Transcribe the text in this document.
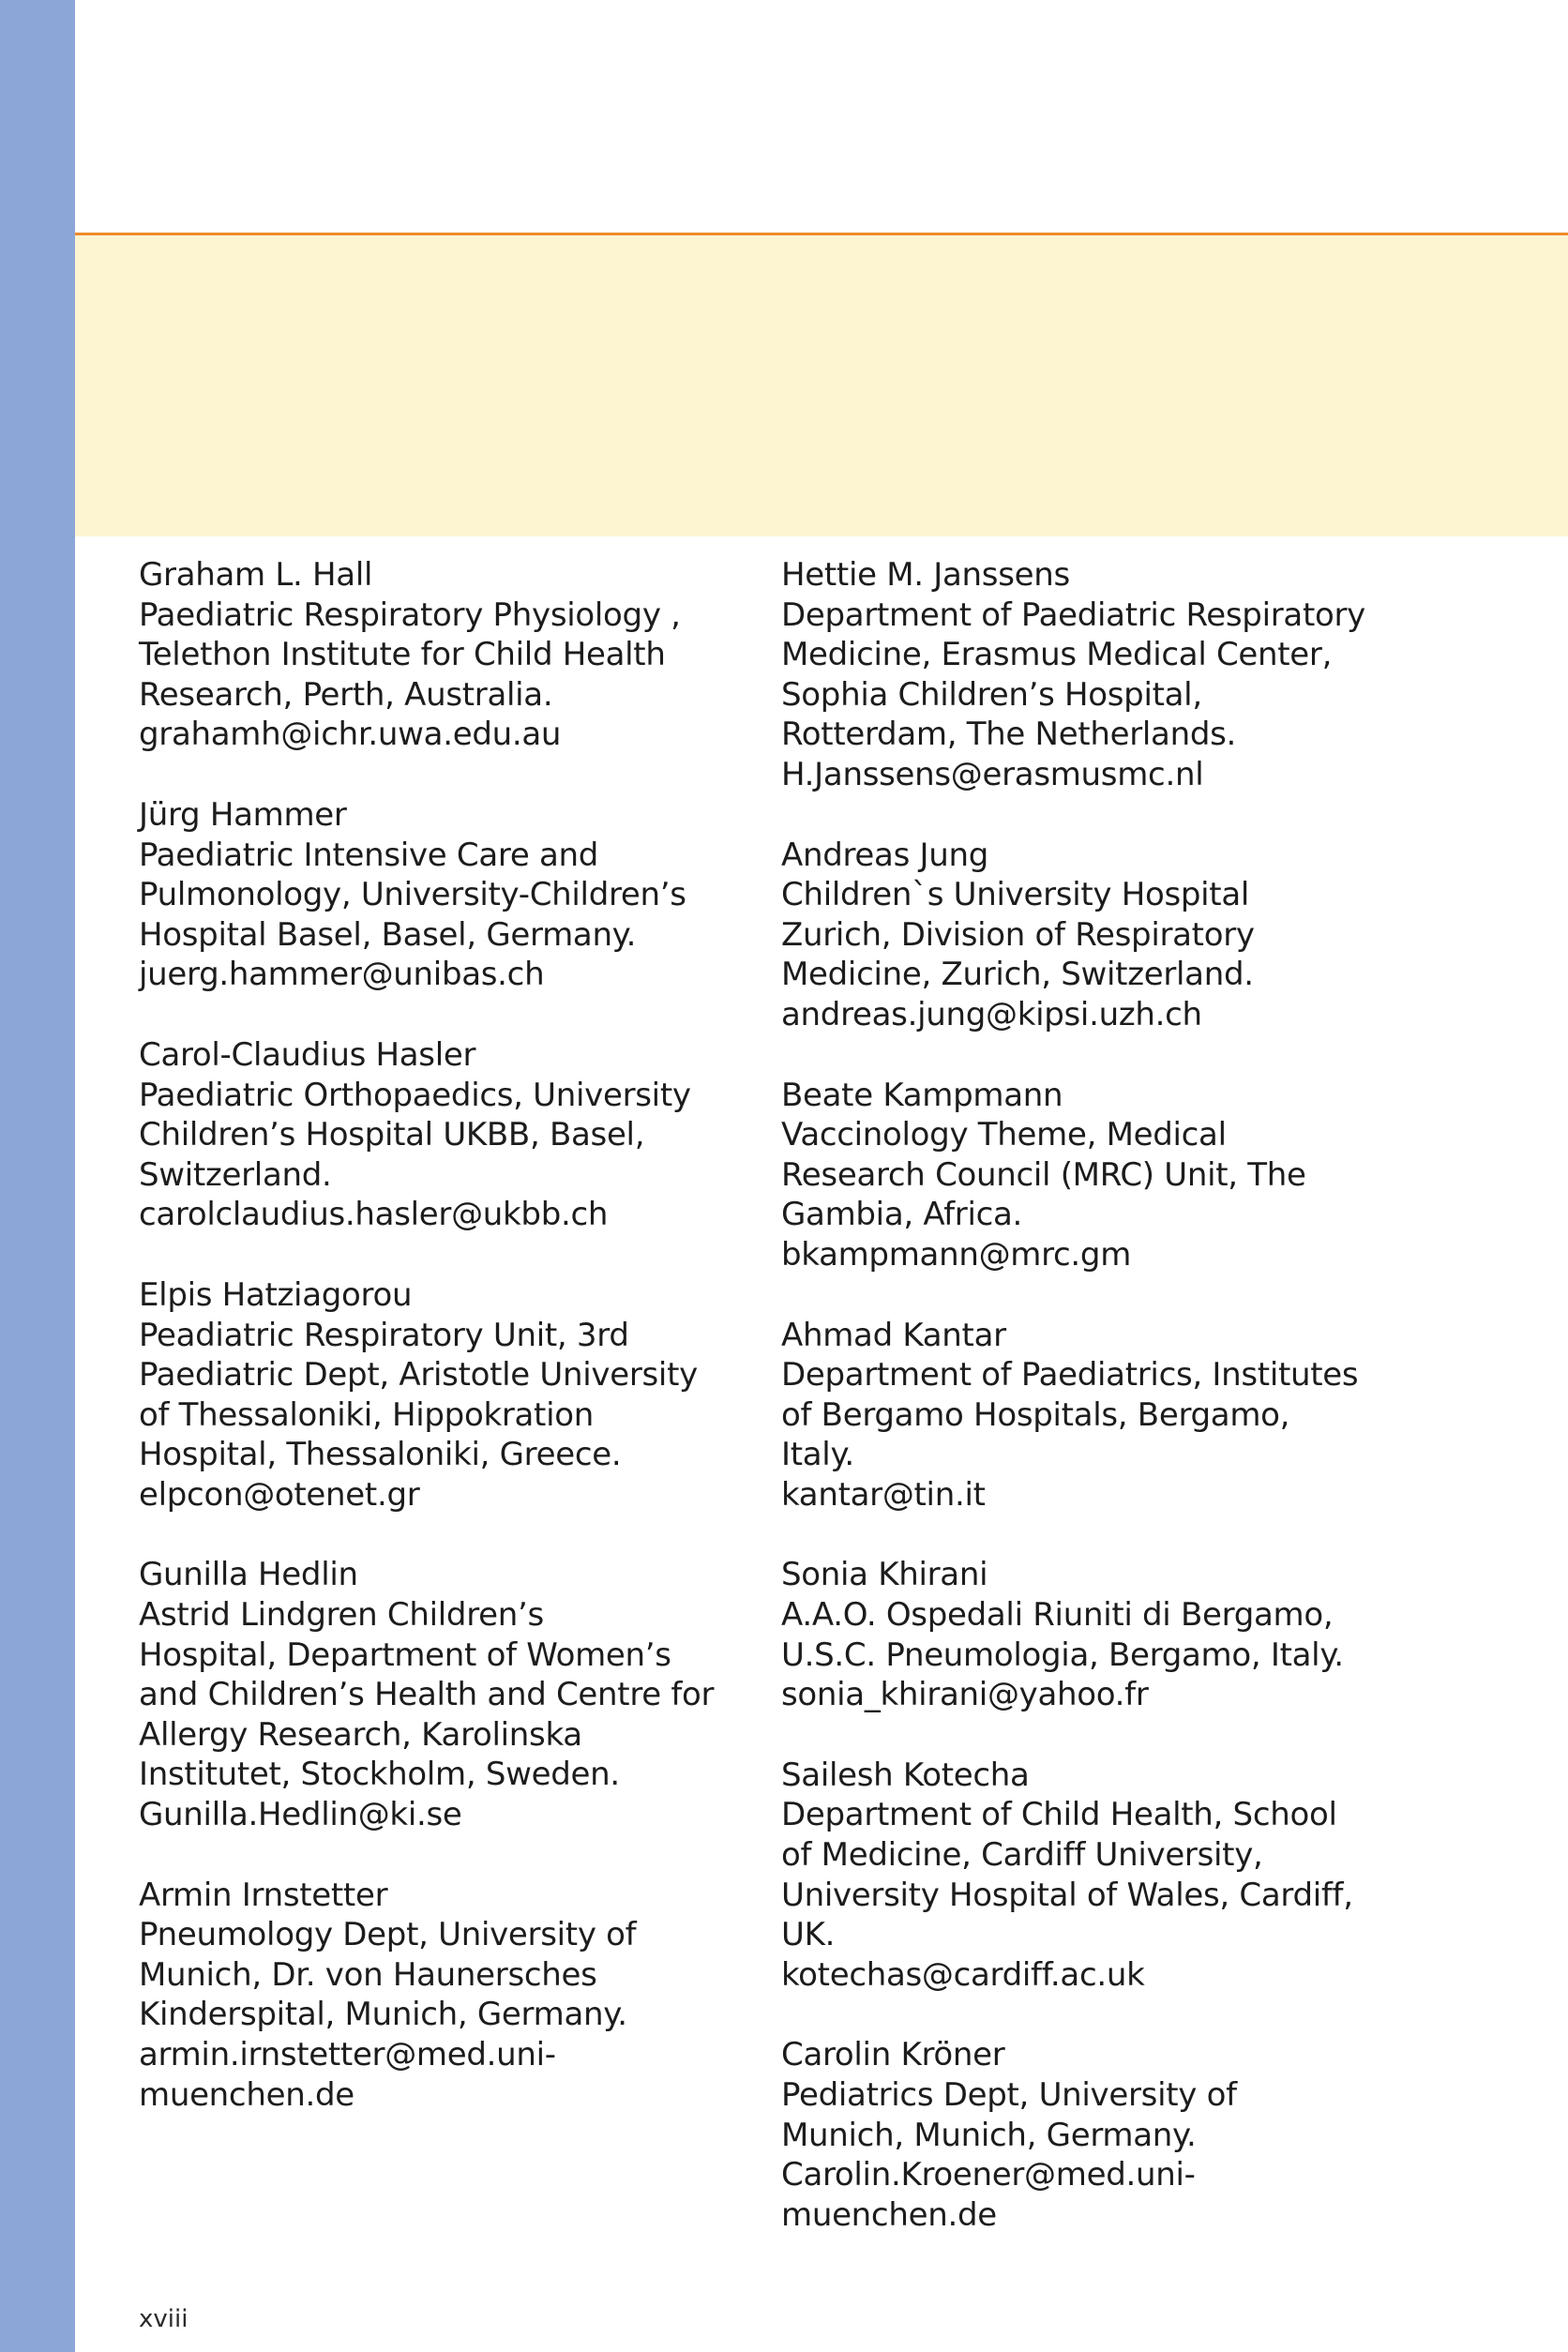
Graham L. Hall
Paediatric Respiratory Physiology ,
Telethon Institute for Child Health
Research, Perth, Australia.
grahamh@ichr.uwa.edu.au
Jürg Hammer
Paediatric Intensive Care and
Pulmonology, University-Children’s
Hospital Basel, Basel, Germany.
juerg.hammer@unibas.ch
Carol-Claudius Hasler
Paediatric Orthopaedics, University
Children’s Hospital UKBB, Basel,
Switzerland.
carolclaudius.hasler@ukbb.ch
Elpis Hatziagorou
Peadiatric Respiratory Unit, 3rd
Paediatric Dept, Aristotle University
of Thessaloniki, Hippokration
Hospital, Thessaloniki, Greece.
elpcon@otenet.gr
Gunilla Hedlin
Astrid Lindgren Children’s
Hospital, Department of Women’s
and Children’s Health and Centre for
Allergy Research, Karolinska
Institutet, Stockholm, Sweden.
Gunilla.Hedlin@ki.se
Armin Irnstetter
Pneumology Dept, University of
Munich, Dr. von Haunersches
Kinderspital, Munich, Germany.
armin.irnstetter@med.uni-
muenchen.de
Hettie M. Janssens
Department of Paediatric Respiratory
Medicine, Erasmus Medical Center,
Sophia Children’s Hospital,
Rotterdam, The Netherlands.
H.Janssens@erasmusmc.nl
Andreas Jung
Children`s University Hospital
Zurich, Division of Respiratory
Medicine, Zurich, Switzerland.
andreas.jung@kipsi.uzh.ch
Beate Kampmann
Vaccinology Theme, Medical
Research Council (MRC) Unit, The
Gambia, Africa.
bkampmann@mrc.gm
Ahmad Kantar
Department of Paediatrics, Institutes
of Bergamo Hospitals, Bergamo,
Italy.
kantar@tin.it
Sonia Khirani
A.A.O. Ospedali Riuniti di Bergamo,
U.S.C. Pneumologia, Bergamo, Italy.
sonia_khirani@yahoo.fr
Sailesh Kotecha
Department of Child Health, School
of Medicine, Cardiff University,
University Hospital of Wales, Cardiff,
UK.
kotechas@cardiff.ac.uk
Carolin Kröner
Pediatrics Dept, University of
Munich, Munich, Germany.
Carolin.Kroener@med.uni-
muenchen.de
xviii
